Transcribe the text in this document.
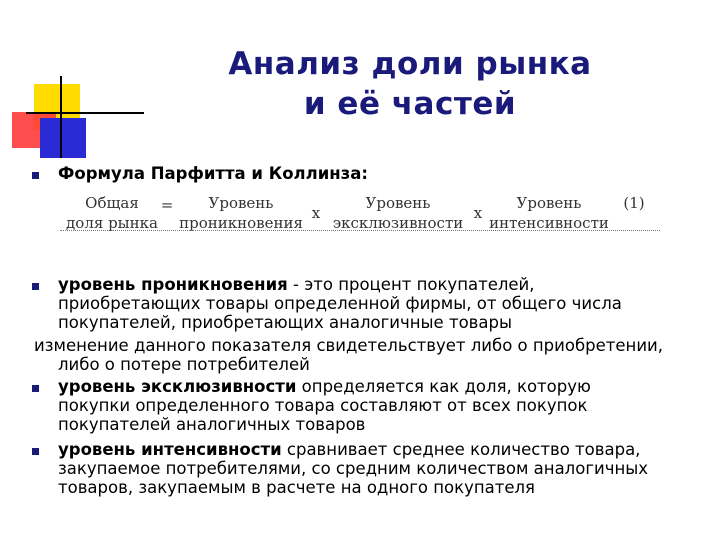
Анализ доли рынка
и её частей
Формула Парфитта и Коллинза:
Общая
доля рынка
=	Уровень
проникновения
x
Уровень
эксклюзивности
x
Уровень
интенсивности
(1)
уровень проникновения - это процент покупателей,
приобретающих товары определенной фирмы, от общего числа
покупателей, приобретающих аналогичные товары
изменение данного показателя свидетельствует либо о приобретении,
либо о потере потребителей
уровень эксклюзивности определяется как доля, которую
покупки определенного товара составляют от всех покупок
покупателей аналогичных товаров
уровень интенсивности сравнивает среднее количество товара,
закупаемое потребителями, со средним количеством аналогичных
товаров, закупаемым в расчете на одного покупателя
